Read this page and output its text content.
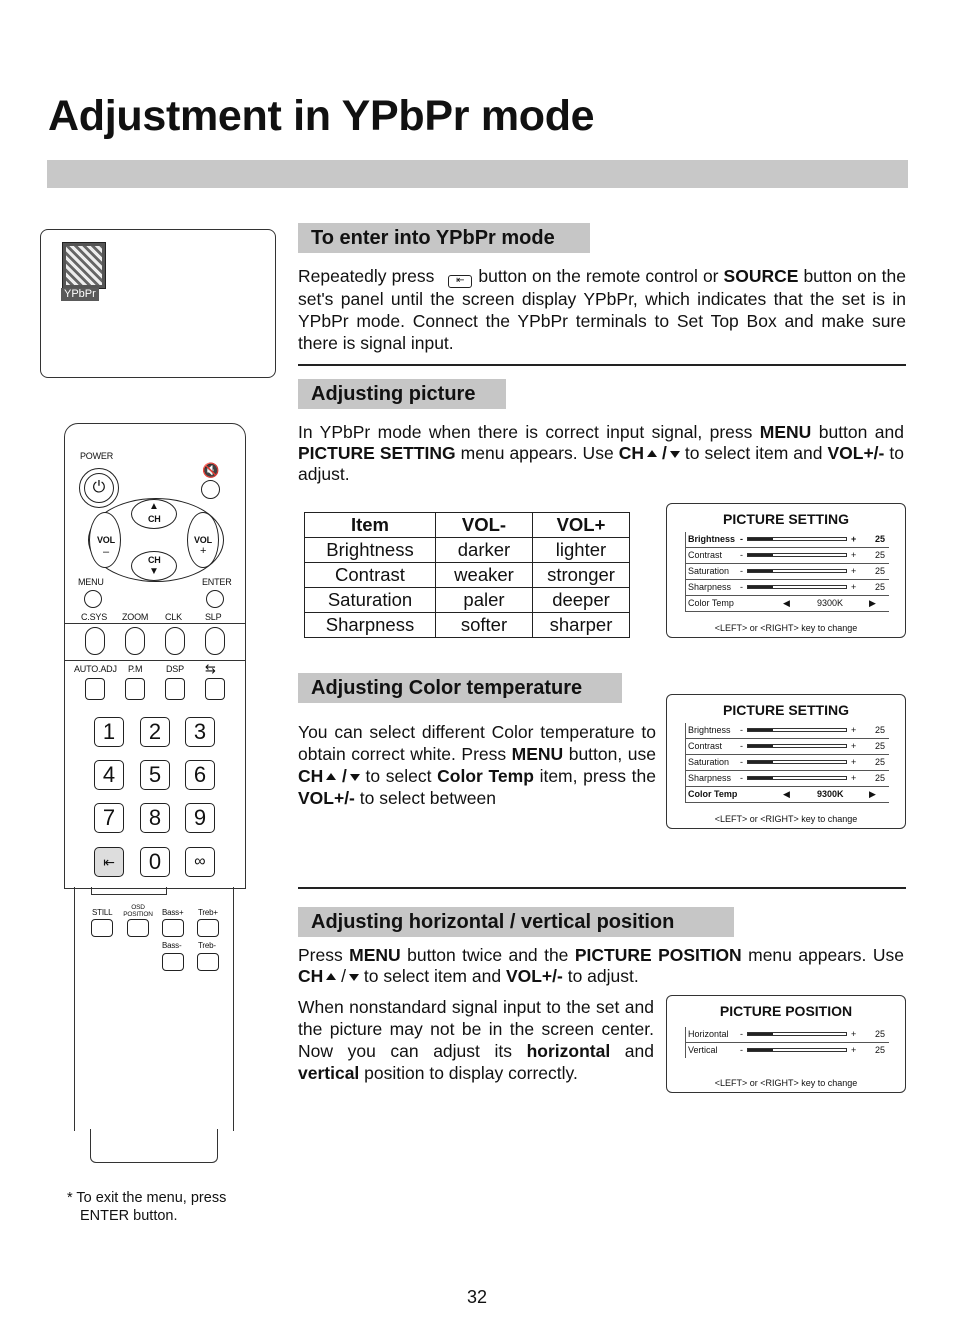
Adjustment in YPbPr mode
YPbPr
To enter into YPbPr mode
Repeatedly press ⇤ button on the remote control or SOURCE button on the set's panel until the screen display YPbPr, which indicates that the set is in YPbPr mode. Connect the YPbPr terminals to Set Top Box and make sure there is signal input.
Adjusting picture
In YPbPr mode when there is correct input signal, press MENU button and PICTURE SETTING menu appears. Use CH / to select item and VOL+/- to adjust.
Item	VOL-	VOL+
Brightness	darker	lighter
Contrast	weaker	stronger
Saturation	paler	deeper
Sharpness	softer	sharper
PICTURE SETTING
Brightness -	+ 25
Contrast -	+ 25
Saturation -	+ 25
Sharpness -	+ 25
Color Temp	◀	9300K	▶
<LEFT> or <RIGHT> key to change
Adjusting Color temperature
You can select different Color temperature to obtain correct white. Press MENU button, use CH / to select Color Temp item, press the VOL+/- to select between
PICTURE SETTING
Brightness -	+ 25
Contrast -	+ 25
Saturation -	+ 25
Sharpness -	+ 25
Color Temp	◀	9300K	▶
<LEFT> or <RIGHT> key to change
Adjusting horizontal / vertical position
Press MENU button twice and the PICTURE POSITION menu appears. Use CH / to select item and VOL+/- to adjust.
When nonstandard signal input to the set and the picture may not be in the screen center. Now you can adjust its horizontal and vertical position to display correctly.
PICTURE POSITION
Horizontal -	+ 25
Vertical -	+ 25
<LEFT> or <RIGHT> key to change
POWER
⏻
🔇
CH
▲
CH
▼
VOL
–
VOL
+
MENU	ENTER
C.SYS ZOOM CLK	SLP
AUTO.ADJ P.M	DSP ⇆
1	2	3
4	5	6
7	8	9
⇤	0	∞
STILL
OSD POSITION Bass+ Treb+
Bass- Treb-
* To exit the menu, press
ENTER button.
32
